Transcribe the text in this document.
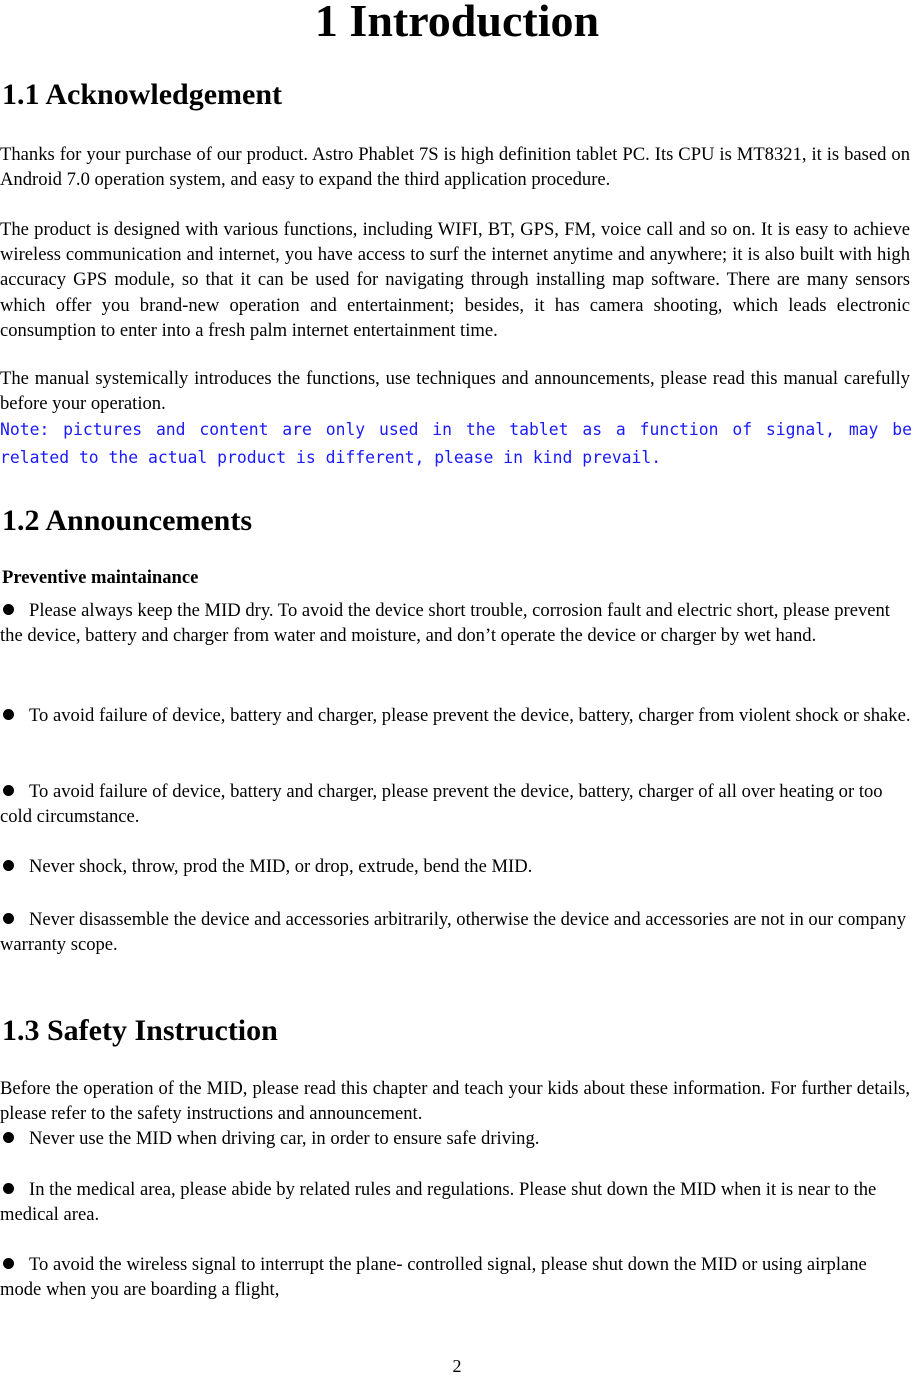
1 Introduction
1.1 Acknowledgement

Thanks for your purchase of our product. Astro Phablet 7S is high definition tablet PC. Its CPU is MT8321, it is based on Android 7.0 operation system, and easy to expand the third application procedure.

The product is designed with various functions, including WIFI, BT, GPS, FM, voice call and so on. It is easy to achieve wireless communication and internet, you have access to surf the internet anytime and anywhere; it is also built with high accuracy GPS module, so that it can be used for navigating through installing map software. There are many sensors which offer you brand-new operation and entertainment; besides, it has camera shooting, which leads electronic consumption to enter into a fresh palm internet entertainment time.

The manual systemically introduces the functions, use techniques and announcements, please read this manual carefully before your operation.

Note: pictures and content are only used in the tablet as a function of signal, may be related to the actual product is different, please in kind prevail.

1.2 Announcements

Preventive maintainance

Please always keep the MID dry. To avoid the device short trouble, corrosion fault and electric short, please prevent the device, battery and charger from water and moisture, and don’t operate the device or charger by wet hand.

To avoid failure of device, battery and charger, please prevent the device, battery, charger from violent shock or shake.

To avoid failure of device, battery and charger, please prevent the device, battery, charger of all over heating or too cold circumstance.

Never shock, throw, prod the MID, or drop, extrude, bend the MID.

Never disassemble the device and accessories arbitrarily, otherwise the device and accessories are not in our company warranty scope.

1.3 Safety Instruction

Before the operation of the MID, please read this chapter and teach your kids about these information. For further details, please refer to the safety instructions and announcement.

Never use the MID when driving car, in order to ensure safe driving.

In the medical area, please abide by related rules and regulations. Please shut down the MID when it is near to the medical area.

To avoid the wireless signal to interrupt the plane- controlled signal, please shut down the MID or using airplane mode when you are boarding a flight,

2
